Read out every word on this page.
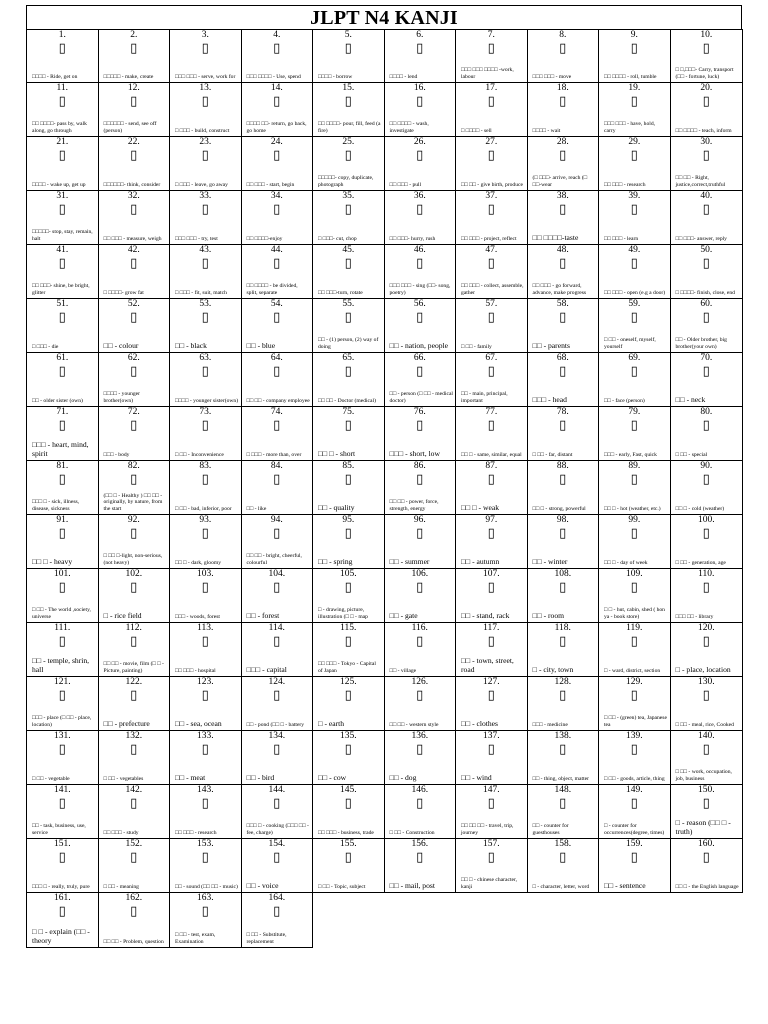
JLPT N4 KANJI
1.
▯
□□□□ - Ride, get on
2.
▯
□□□□□ - make, create
3.
▯
□□□ □□□ - serve, work for
4.
▯
□□□ □□□□ - Use, spend
5.
▯
□□□□ - borrow
6.
▯
□□□□ - lend
7.
▯
□□□ □□□ □□□□ -work, labour
8.
▯
□□□ □□□ - move
9.
▯
□□ □□□□ - roll, tumble
10.
▯
□ □,□□□- Carry, transport (□□ - fortune, luck)
11.
▯
□□ □□□□- pass by, walk along, go through
12.
▯
□□□□□□ - send, see off (person)
13.
▯
□ □□□ - build, construct
14.
▯
□□□□ □□- return, go back, go home
15.
▯
□□ □□□□- pour, fill, feed (a fire)
16.
▯
□□ □□□□ - wash, investigate
17.
▯
□ □□□□ - sell
18.
▯
□□□□ - wait
19.
▯
□□□ □□□ - have, hold, carry
20.
▯
□□ □□□□ - teach, inform
21.
▯
□□□□ - wake up, get up
22.
▯
□□□□□□- think, consider
23.
▯
□ □□□ - leave, go away
24.
▯
□□ □□□ - start, begin
25.
▯
□□□□□- copy, duplicate, photograph
26.
▯
□□ □□□ - pull
27.
▯
□□ □□ - give birth, produce
28.
▯
(□ □□□- arrive, reach (□ □□-wear
29.
▯
□□ □□□ - research
30.
▯
□□ □□ - Right, justice,correct,truthful
31.
▯
□□□□□- stop, stay, remain, halt
32.
▯
□□ □□□ - measure, weigh
33.
▯
□□□ □□□ - try, test
34.
▯
□□ □□□□-enjoy
35.
▯
□ □□□- cut, chop
36.
▯
□□ □□□- hurry, rush
37.
▯
□□ □□□ - project, reflect
38.
▯
□□ □□□□-taste
39.
▯
□□ □□□ - learn
40.
▯
□□ □□□- answer, reply
41.
▯
□□ □□□- shine, be bright, glitter
42.
▯
□ □□□□- grow fat
43.
▯
□ □□□ - fit, suit, match
44.
▯
□□ □□□□ - be divided, split, separate
45.
▯
□□ □□□-turn, rotate
46.
▯
□□□ □□□ - sing (□□- song, poetry)
47.
▯
□□ □□□ - collect, assemble, gather
48.
▯
□□ □□□ - go forward, advance, make progress
49.
▯
□□ □□□ - open (e.g a door)
50.
▯
□ □□□□- finish, close, end
51.
▯
□ □□□ - die
52.
▯
□□ - colour
53.
▯
□□ - black
54.
▯
□□ - blue
55.
▯
□□ - (1) person, (2) way of doing
56.
▯
□□ - nation, people
57.
▯
□ □□ - family
58.
▯
□□ - parents
59.
▯
□ □□ - oneself, myself, yourself
60.
▯
□□ - Older brother, big brother(your own)
61.
▯
□□ - older sister (own)
62.
▯
□□□□ - younger brother(own)
63.
▯
□□□□ - younger sister(own)
64.
▯
□□ □□ - company employee
65.
▯
□□ □□ - Doctor (medical)
66.
▯
□□ - person (□ □□ - medical doctor)
67.
▯
□□ - main, principal, important
68.
▯
□□□ - head
69.
▯
□□ - face (person)
70.
▯
□□ - neck
71.
▯
□□□ - heart, mind, spirit
72.
▯
□□□ - body
73.
▯
□ □□ - Inconvenience
74.
▯
□ □□□ - more than, over
75.
▯
□□ □ - short
76.
▯
□□□ - short, low
77.
▯
□□ □ - same, similar, equal
78.
▯
□ □□ - far, distant
79.
▯
□□□ - early, Fast, quick
80.
▯
□ □□ - special
81.
▯
□□□ □ - sick, illness, disease, sickness
82.
▯
(□□ □ - Healthy ) □□ □□ - originally, by nature, from the start
83.
▯
□ □□ - bad, inferior, poor
84.
▯
□□ - like
85.
▯
□□ - quality
86.
▯
□□ □□ - power, force, strength, energy
87.
▯
□□ □ - weak
88.
▯
□□ □ - strong, powerful
89.
▯
□□ □ - hot (weather, etc.)
90.
▯
□□ □ - cold (weather)
91.
▯
□□ □ - heavy
92.
▯
□ □□ □-light, non-serious,(not heavy)
93.
▯
□□ □ - dark, gloomy
94.
▯
□□ □□ - bright, cheerful, colourful
95.
▯
□□ - spring
96.
▯
□□ - summer
97.
▯
□□ - autumn
98.
▯
□□ - winter
99.
▯
□□ □ - day of week
100.
▯
□ □□ - generation, age
101.
▯
□ □□ - The world ,society, universe
102.
▯
□ - rice field
103.
▯
□□□ - woods, forest
104.
▯
□□ - forest
105.
▯
□ - drawing, picture, illustration (□ □ - map
106.
▯
□□ - gate
107.
▯
□□ - stand, rack
108.
▯
□□ - room
109.
▯
□ □ - hut, cabin, shed ( hon ya - book store)
110.
▯
□□□ □□ - library
111.
▯
□□ - temple, shrin, hall
112.
▯
□□ □□ - movie, film (□ □ - Picture, painting)
113.
▯
□□ □□□ - hospital
114.
▯
□□□ - capital
115.
▯
□□ □□□ - Tokyo - Capital of Japan
116.
▯
□□ - village
117.
▯
□□ - town, street, road
118.
▯
□ - city, town
119.
▯
□ - ward, district, section
120.
▯
□ - place, location
121.
▯
□□□ - place (□ □□ - place, location)
122.
▯
□□ - prefecture
123.
▯
□□ - sea, ocean
124.
▯
□□ - pond (□□ □ - battery
125.
▯
□ - earth
126.
▯
□□ □□ - western style
127.
▯
□□ - clothes
128.
▯
□□□ - medicine
129.
▯
□ □□ - (green) tea, Japanese tea
130.
▯
□ □□ - meal, rice, Cooked
131.
▯
□ □□ - vegetable
132.
▯
□ □□ - vegetables
133.
▯
□□ - meat
134.
▯
□□ - bird
135.
▯
□□ - cow
136.
▯
□□ - dog
137.
▯
□□ - wind
138.
▯
□□ - thing, object, matter
139.
▯
□ □□ - goods, article, thing
140.
▯
□ □□ - work, occupation, job, business
141.
▯
□□ - task, business, use, service
142.
▯
□□ □□□ - study
143.
▯
□□ □□□ - research
144.
▯
□□□ □ - cooking (□□□ □□ - fee, charge)
145.
▯
□□ □□□ - business, trade
146.
▯
□ □□ - Construction
147.
▯
□□ □□ □□ - travel, trip, journey
148.
▯
□□ - counter for guesthouses
149.
▯
□ - counter for occurrences(degree, times)
150.
▯
□ - reason (□□ □ - truth)
151.
▯
□□□ □ - really, truly, pure
152.
▯
□ □□ - meaning
153.
▯
□□ - sound (□□ □□ - music)
154.
▯
□□ - voice
155.
▯
□ □□ - Topic, subject
156.
▯
□□ - mail, post
157.
▯
□□ □ - chinese character, kanji
158.
▯
□ - character, letter, word
159.
▯
□□ - sentence
160.
▯
□□ □ - the English language
161.
▯
□ □ - explain (□□ - theory
162.
▯
□□ □□ - Problem, question
163.
▯
□ □□ - test, exam, Examination
164.
▯
□ □□ - Substitute, replacement
